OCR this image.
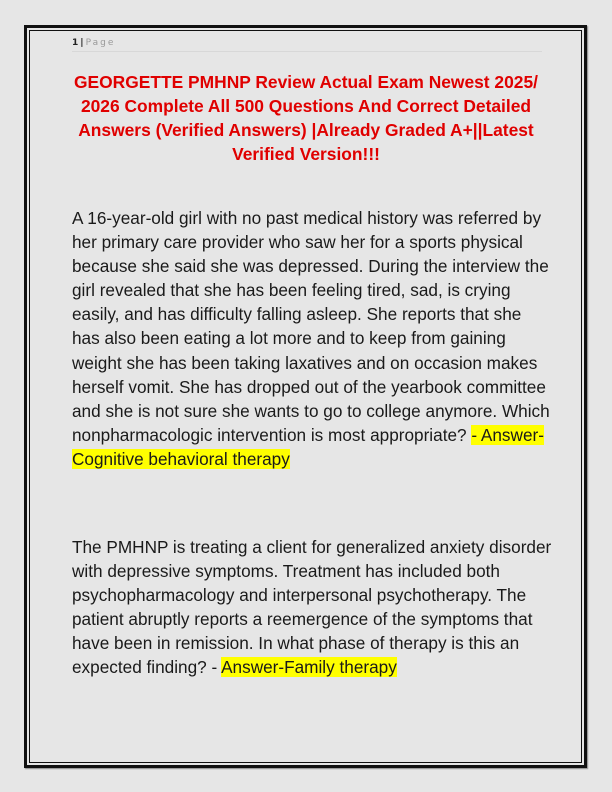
1 | Page
GEORGETTE PMHNP Review Actual Exam Newest 2025/ 2026 Complete All 500 Questions And Correct Detailed Answers (Verified Answers) |Already Graded A+||Latest Verified Version!!!
A 16-year-old girl with no past medical history was referred by her primary care provider who saw her for a sports physical because she said she was depressed. During the interview the girl revealed that she has been feeling tired, sad, is crying easily, and has difficulty falling asleep. She reports that she has also been eating a lot more and to keep from gaining weight she has been taking laxatives and on occasion makes herself vomit. She has dropped out of the yearbook committee and she is not sure she wants to go to college anymore. Which nonpharmacologic intervention is most appropriate? - Answer-Cognitive behavioral therapy
The PMHNP is treating a client for generalized anxiety disorder with depressive symptoms. Treatment has included both psychopharmacology and interpersonal psychotherapy. The patient abruptly reports a reemergence of the symptoms that have been in remission. In what phase of therapy is this an expected finding? - Answer-Family therapy
